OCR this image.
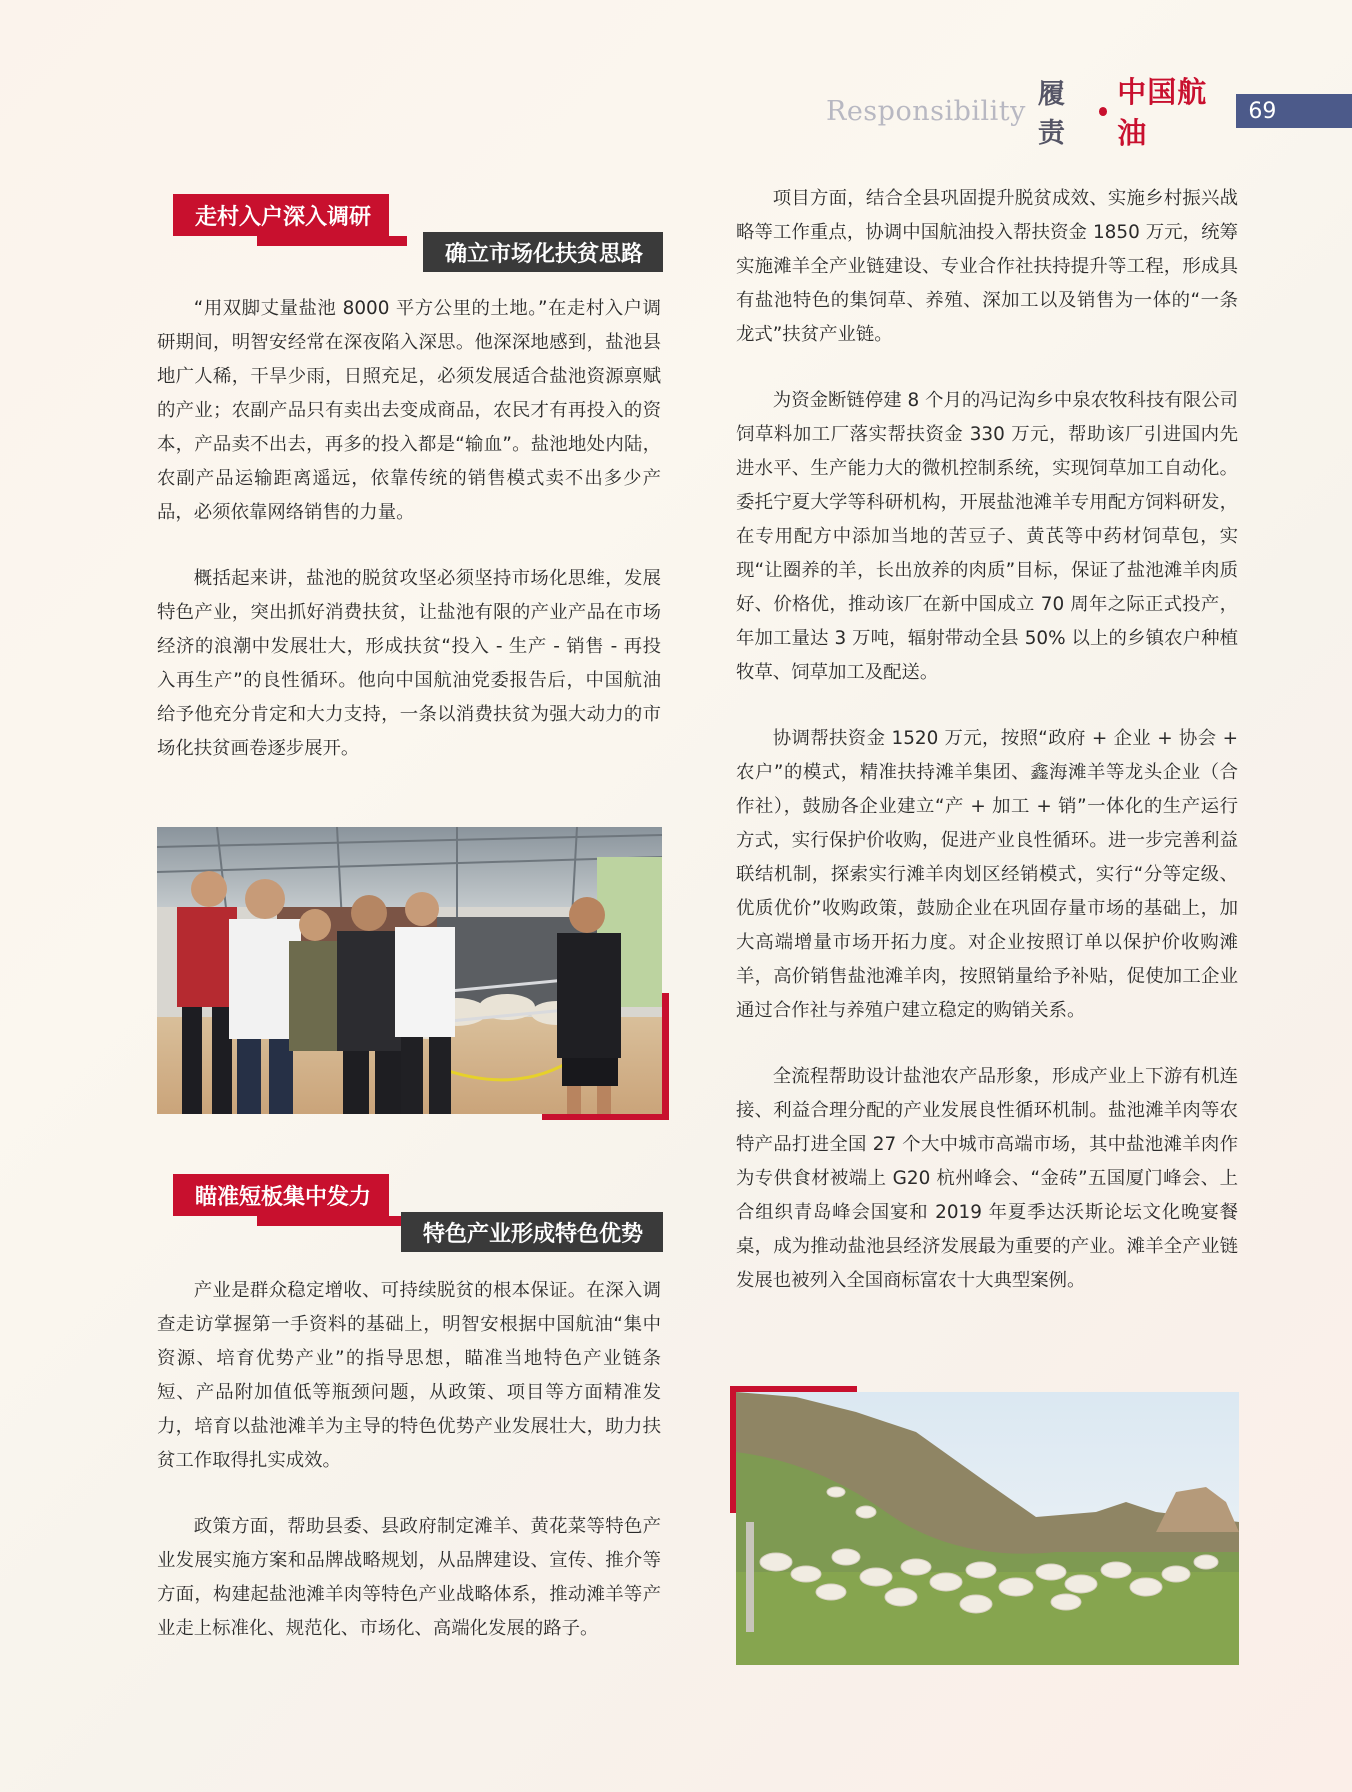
Responsibility
履责
中国航油
69
确立市场化扶贫思路
走村入户深入调研

“用双脚丈量盐池 8000 平方公里的土地。”在走村入户调研期间，明智安经常在深夜陷入深思。他深深地感到，盐池县地广人稀，干旱少雨，日照充足，必须发展适合盐池资源禀赋的产业；农副产品只有卖出去变成商品，农民才有再投入的资本，产品卖不出去，再多的投入都是“输血”。盐池地处内陆，农副产品运输距离遥远，依靠传统的销售模式卖不出多少产品，必须依靠网络销售的力量。

概括起来讲，盐池的脱贫攻坚必须坚持市场化思维，发展特色产业，突出抓好消费扶贫，让盐池有限的产业产品在市场经济的浪潮中发展壮大，形成扶贫“投入 - 生产 - 销售 - 再投入再生产”的良性循环。他向中国航油党委报告后，中国航油给予他充分肯定和大力支持，一条以消费扶贫为强大动力的市场化扶贫画卷逐步展开。

特色产业形成特色优势
瞄准短板集中发力

产业是群众稳定增收、可持续脱贫的根本保证。在深入调查走访掌握第一手资料的基础上，明智安根据中国航油“集中资源、培育优势产业”的指导思想，瞄准当地特色产业链条短、产品附加值低等瓶颈问题，从政策、项目等方面精准发力，培育以盐池滩羊为主导的特色优势产业发展壮大，助力扶贫工作取得扎实成效。

政策方面，帮助县委、县政府制定滩羊、黄花菜等特色产业发展实施方案和品牌战略规划，从品牌建设、宣传、推介等方面，构建起盐池滩羊肉等特色产业战略体系，推动滩羊等产业走上标准化、规范化、市场化、高端化发展的路子。

项目方面，结合全县巩固提升脱贫成效、实施乡村振兴战略等工作重点，协调中国航油投入帮扶资金 1850 万元，统筹实施滩羊全产业链建设、专业合作社扶持提升等工程，形成具有盐池特色的集饲草、养殖、深加工以及销售为一体的“一条龙式”扶贫产业链。

为资金断链停建 8 个月的冯记沟乡中泉农牧科技有限公司饲草料加工厂落实帮扶资金 330 万元，帮助该厂引进国内先进水平、生产能力大的微机控制系统，实现饲草加工自动化。委托宁夏大学等科研机构，开展盐池滩羊专用配方饲料研发，在专用配方中添加当地的苦豆子、黄芪等中药材饲草包，实现“让圈养的羊，长出放养的肉质”目标，保证了盐池滩羊肉质好、价格优，推动该厂在新中国成立 70 周年之际正式投产，年加工量达 3 万吨，辐射带动全县 50% 以上的乡镇农户种植牧草、饲草加工及配送。

协调帮扶资金 1520 万元，按照“政府 + 企业 + 协会 + 农户”的模式，精准扶持滩羊集团、鑫海滩羊等龙头企业（合作社），鼓励各企业建立“产 + 加工 + 销”一体化的生产运行方式，实行保护价收购，促进产业良性循环。进一步完善利益联结机制，探索实行滩羊肉划区经销模式，实行“分等定级、优质优价”收购政策，鼓励企业在巩固存量市场的基础上，加大高端增量市场开拓力度。对企业按照订单以保护价收购滩羊，高价销售盐池滩羊肉，按照销量给予补贴，促使加工企业通过合作社与养殖户建立稳定的购销关系。

全流程帮助设计盐池农产品形象，形成产业上下游有机连接、利益合理分配的产业发展良性循环机制。盐池滩羊肉等农特产品打进全国 27 个大中城市高端市场，其中盐池滩羊肉作为专供食材被端上 G20 杭州峰会、“金砖”五国厦门峰会、上合组织青岛峰会国宴和 2019 年夏季达沃斯论坛文化晚宴餐桌，成为推动盐池县经济发展最为重要的产业。滩羊全产业链发展也被列入全国商标富农十大典型案例。
